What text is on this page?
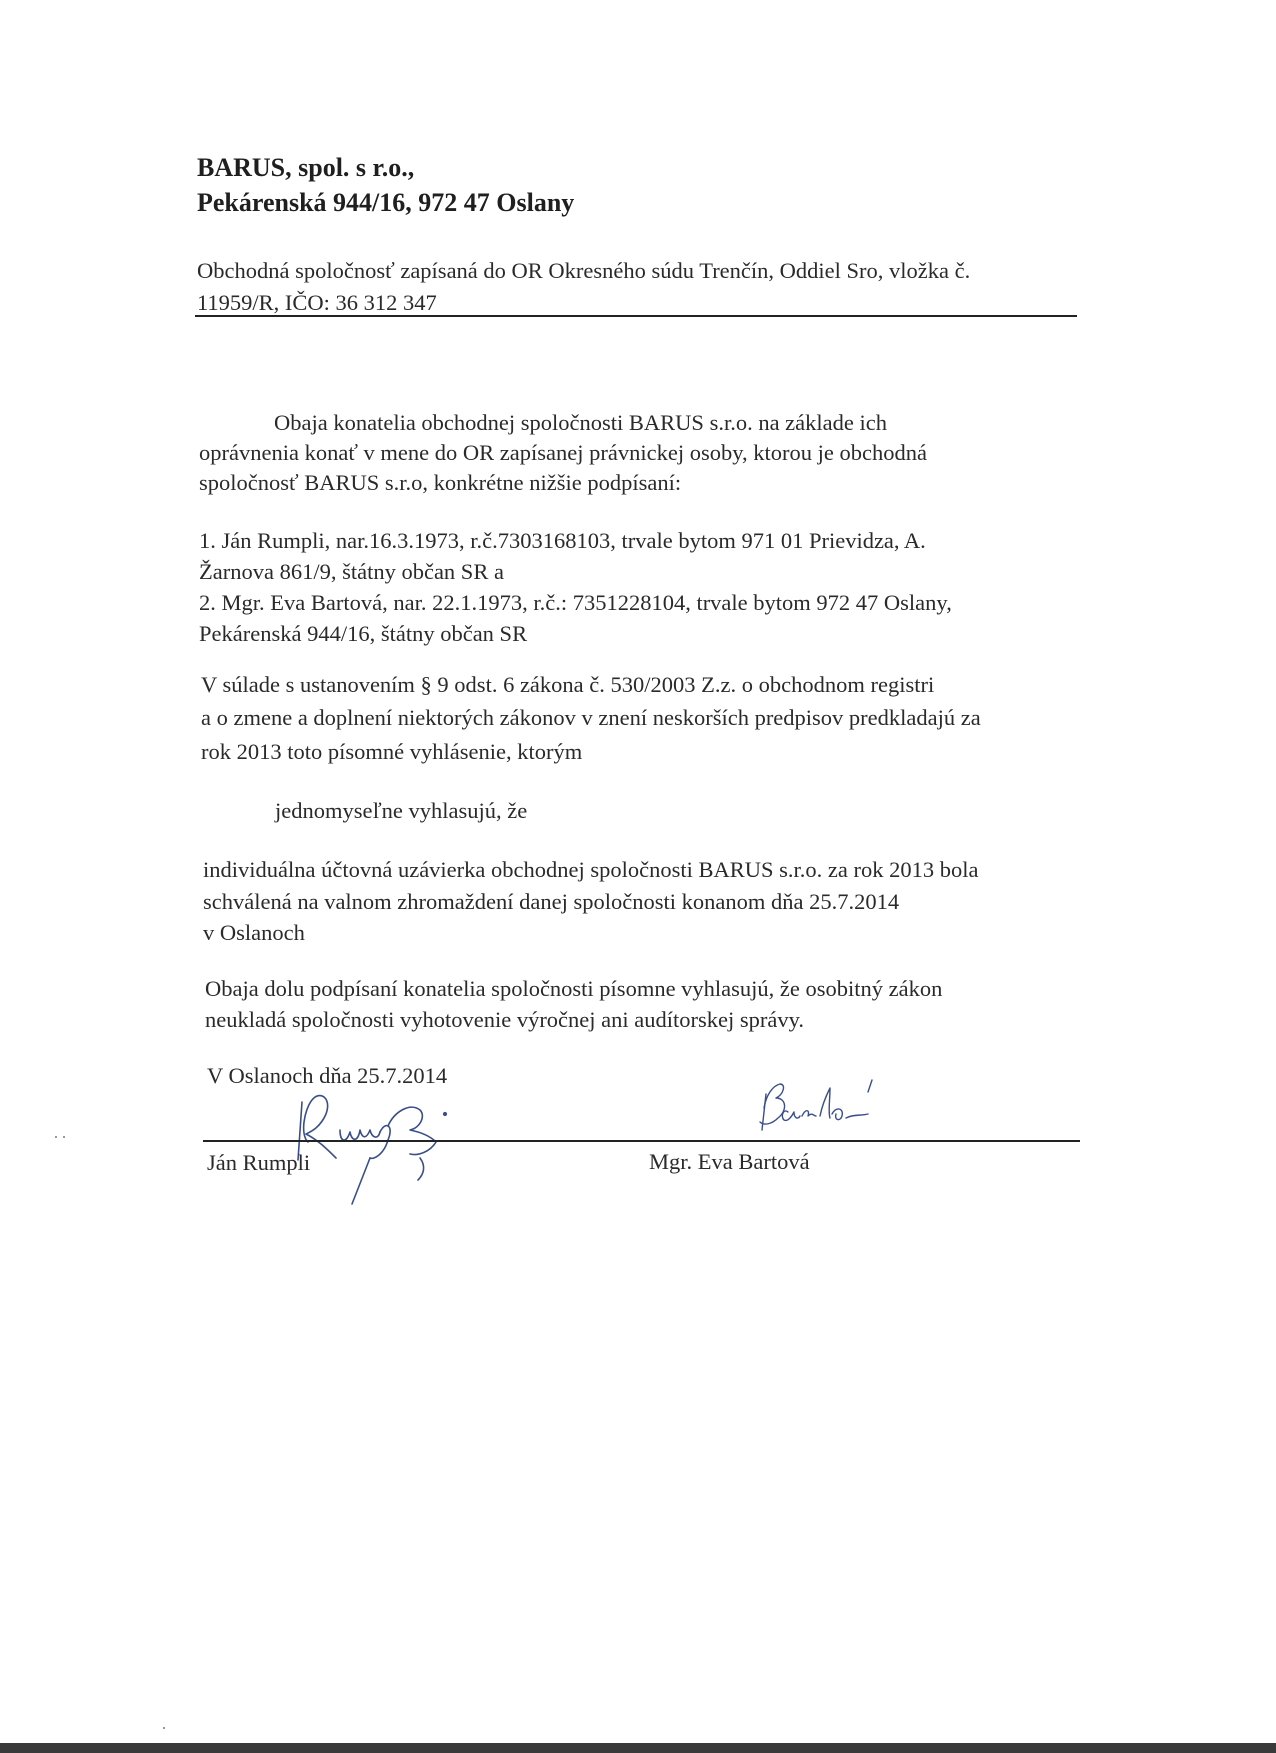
BARUS, spol. s r.o.,
Pekárenská 944/16, 972 47 Oslany
Obchodná spoločnosť zapísaná do OR Okresného súdu Trenčín, Oddiel Sro, vložka č.
11959/R, IČO: 36 312 347
Obaja konatelia obchodnej spoločnosti BARUS s.r.o. na základe ich
oprávnenia konať v mene do OR zapísanej právnickej osoby, ktorou je obchodná
spoločnosť BARUS s.r.o, konkrétne nižšie podpísaní:
1. Ján Rumpli, nar.16.3.1973, r.č.7303168103, trvale bytom 971 01 Prievidza, A.
Žarnova 861/9, štátny občan SR a
2. Mgr. Eva Bartová, nar. 22.1.1973, r.č.: 7351228104, trvale bytom 972 47 Oslany,
Pekárenská 944/16, štátny občan SR
V súlade s ustanovením § 9 odst. 6 zákona č. 530/2003 Z.z. o obchodnom registri
a o zmene a doplnení niektorých zákonov v znení neskorších predpisov predkladajú za
rok 2013 toto písomné vyhlásenie, ktorým
jednomyseľne vyhlasujú, že
individuálna účtovná uzávierka obchodnej spoločnosti BARUS s.r.o. za rok 2013 bola
schválená na valnom zhromaždení danej spoločnosti konanom dňa 25.7.2014
v Oslanoch
Obaja dolu podpísaní konatelia spoločnosti písomne vyhlasujú, že osobitný zákon
neukladá spoločnosti vyhotovenie výročnej ani audítorskej správy.
V Oslanoch dňa 25.7.2014
Ján Rumpli	Mgr. Eva Bartová
